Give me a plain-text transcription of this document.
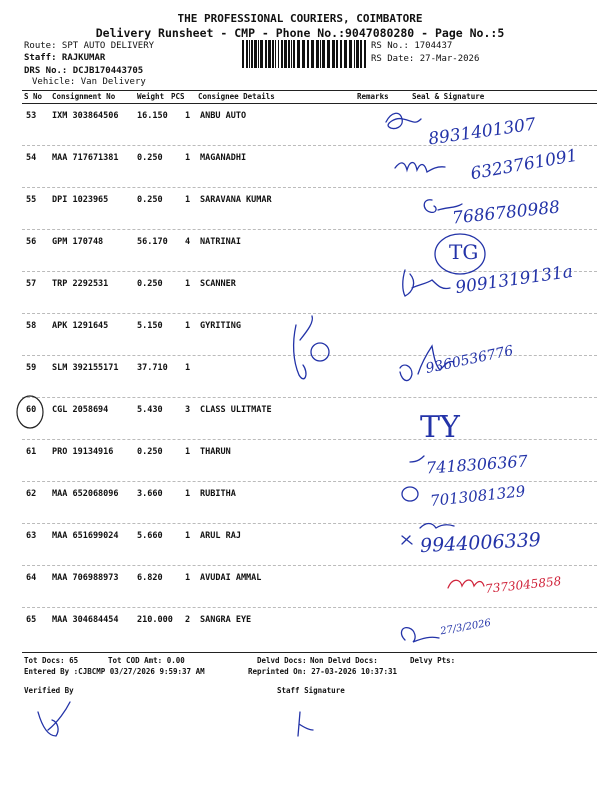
THE PROFESSIONAL COURIERS, COIMBATORE
Delivery Runsheet - CMP - Phone No.:9047080280 - Page No.:5
Route: SPT AUTO DELIVERY
Staff: RAJKUMAR
DRS No.: DCJB170443705
Vehicle: Van Delivery
RS No.: 1704437
RS Date: 27-Mar-2026
S No Consignment No	Weight PCS Consignee Details	Remarks	Seal & Signature
53 IXM 303864506 16.150 1 ANBU AUTO
54 MAA 717671381 0.250	1 MAGANADHI
55 DPI 1023965	0.250	1 SARAVANA KUMAR
56 GPM 170748	56.170 4 NATRINAI
57 TRP 2292531	0.250	1 SCANNER
58 APK 1291645	5.150	1 GYRITING
59 SLM 392155171 37.710 1
60 CGL 2058694	5.430	3 CLASS ULITMATE
61 PRO 19134916	0.250	1 THARUN
62 MAA 652068096 3.660	1 RUBITHA
63 MAA 651699024 5.660	1 ARUL RAJ
64 MAA 706988973 6.820	1 AVUDAI AMMAL
65 MAA 304684454 210.000 2 SANGRA EYE
8931401307
6323761091
7686780988
TG
9091319131a
9360536776
TY
7418306367
7013081329
9944006339
7373045858
27/3/2026
Tot Docs: 65	Tot COD Amt: 0.00	Delvd Docs: Non Delvd Docs:	Delvy Pts:
Entered By :CJBCMP 03/27/2026 9:59:37 AM	Reprinted On: 27-03-2026 10:37:31
Verified By	Staff Signature
